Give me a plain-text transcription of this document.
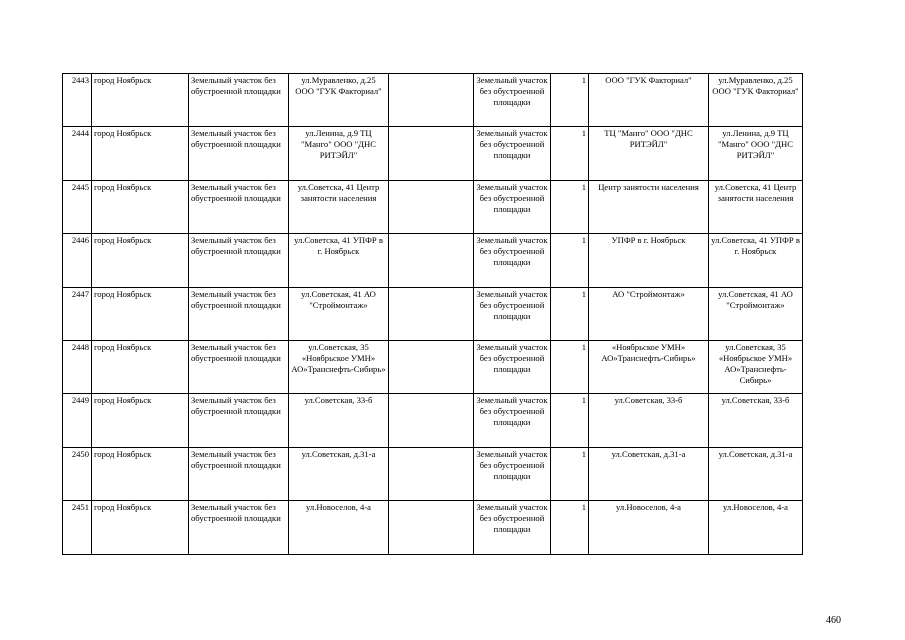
2443	город Ноябрьск	Земельный участок без обустроенной площадки	ул.Муравленко, д.25 ООО "ГУК Факториал"		Земельный участок без обустроенной площадки	1	ООО "ГУК Факториал"	ул.Муравленко, д.25 ООО "ГУК Факториал"
2444	город Ноябрьск	Земельный участок без обустроенной площадки	ул.Ленина, д.9 ТЦ "Манго" ООО "ДНС РИТЭЙЛ"		Земельный участок без обустроенной площадки	1	ТЦ "Манго" ООО "ДНС РИТЭЙЛ"	ул.Ленина, д.9 ТЦ "Манго" ООО "ДНС РИТЭЙЛ"
2445	город Ноябрьск	Земельный участок без обустроенной площадки	ул.Советска, 41 Центр занятости населения		Земельный участок без обустроенной площадки	1	Центр занятости населения	ул.Советска, 41 Центр занятости населения
2446	город Ноябрьск	Земельный участок без обустроенной площадки	ул.Советска, 41 УПФР в г. Ноябрьск		Земельный участок без обустроенной площадки	1	УПФР в г. Ноябрьск	ул.Советска, 41 УПФР в г. Ноябрьск
2447	город Ноябрьск	Земельный участок без обустроенной площадки	ул.Советская, 41 АО "Строймонтаж»		Земельный участок без обустроенной площадки	1	АО "Строймонтаж»	ул.Советская, 41 АО "Строймонтаж»
2448	город Ноябрьск	Земельный участок без обустроенной площадки	ул.Советская, 35 «Ноябрьское УМН» АО»Транснефть-Сибирь»		Земельный участок без обустроенной площадки	1	«Ноябрьское УМН» АО»Транснефть-Сибирь»	ул.Советская, 35 «Ноябрьское УМН» АО»Транснефть-Сибирь»
2449	город Ноябрьск	Земельный участок без обустроенной площадки	ул.Советская, 33-б		Земельный участок без обустроенной площадки	1	ул.Советская, 33-б	ул.Советская, 33-б
2450	город Ноябрьск	Земельный участок без обустроенной площадки	ул.Советская, д.31-а		Земельный участок без обустроенной площадки	1	ул.Советская, д.31-а	ул.Советская, д.31-а
2451	город Ноябрьск	Земельный участок без обустроенной площадки	ул.Новоселов, 4-а		Земельный участок без обустроенной площадки	1	ул.Новоселов, 4-а	ул.Новоселов, 4-а
460
